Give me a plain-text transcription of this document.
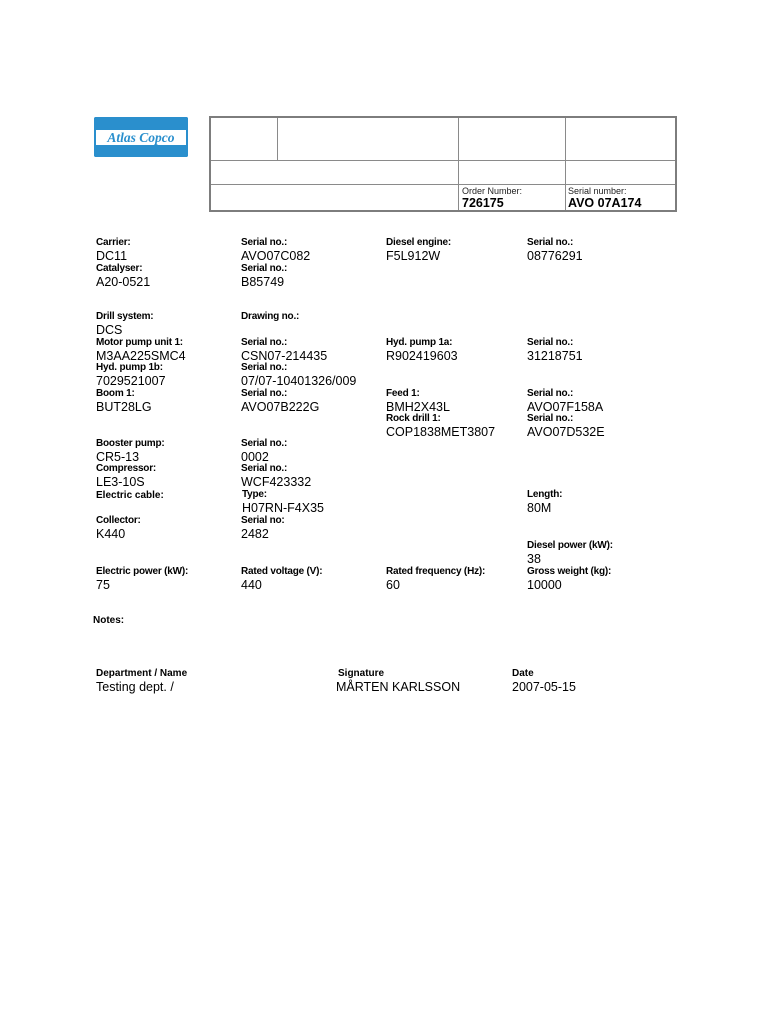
Atlas Copco
Order Number:
726175
Serial number:
AVO 07A174
Carrier:
DC11
Serial no.:
AVO07C082
Diesel engine:
F5L912W
Serial no.:
08776291
Catalyser:
A20-0521
Serial no.:
B85749
Drill system:
DCS
Drawing no.:
Motor pump unit 1:
M3AA225SMC4
Serial no.:
CSN07-214435
Hyd. pump 1a:
R902419603
Serial no.:
31218751
Hyd. pump 1b:
7029521007
Serial no.:
07/07-10401326/009
Boom 1:
BUT28LG
Serial no.:
AVO07B222G
Feed 1:
BMH2X43L
Serial no.:
AVO07F158A
Rock drill 1:
COP1838MET3807
Serial no.:
AVO07D532E
Booster pump:
CR5-13
Serial no.:
0002
Compressor:
LE3-10S
Serial no.:
WCF423332
Electric cable:	Type:
H07RN-F4X35
Length:
80M
Collector:
K440
Serial no:
2482
Diesel power (kW):
38
Electric power (kW):
75
Rated voltage (V):
440
Rated frequency (Hz):
60
Gross weight (kg):
10000
Notes:
Department / Name
Testing dept. /
Signature
MÅRTEN KARLSSON
Date
2007-05-15
